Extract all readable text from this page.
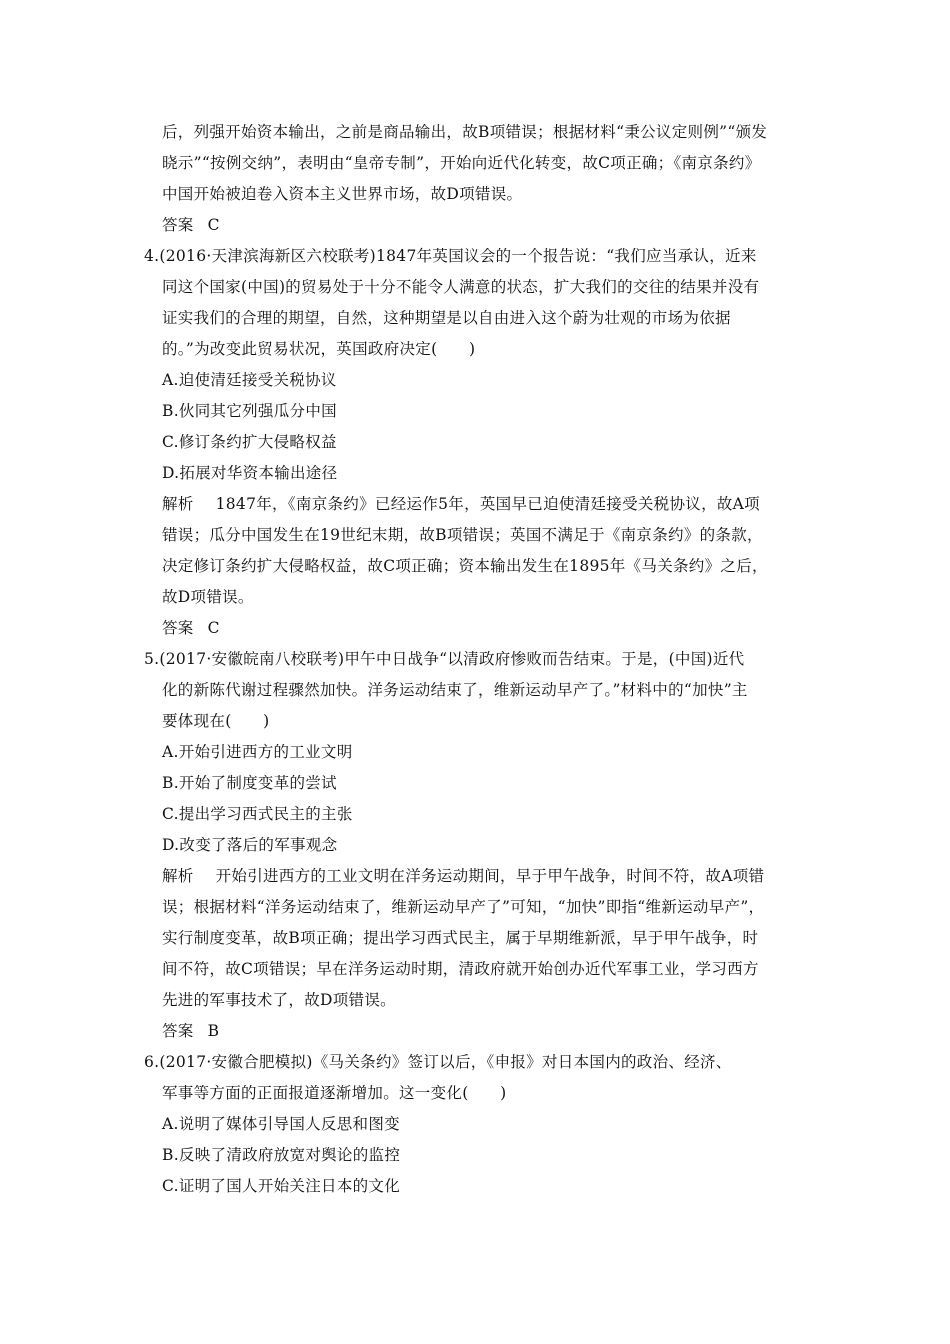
后，列强开始资本输出，之前是商品输出，故B项错误；根据材料“秉公议定则例”“颁发
晓示”“按例交纳”，表明由“皇帝专制”，开始向近代化转变，故C项正确；《南京条约》
中国开始被迫卷入资本主义世界市场，故D项错误。
答案 C
4.(2016·天津滨海新区六校联考)1847年英国议会的一个报告说：“我们应当承认，近来
同这个国家(中国)的贸易处于十分不能令人满意的状态，扩大我们的交往的结果并没有
证实我们的合理的期望，自然，这种期望是以自由进入这个蔚为壮观的市场为依据
的。”为改变此贸易状况，英国政府决定(　　)
A.迫使清廷接受关税协议
B.伙同其它列强瓜分中国
C.修订条约扩大侵略权益
D.拓展对华资本输出途径
解析 1847年，《南京条约》已经运作5年，英国早已迫使清廷接受关税协议，故A项
错误；瓜分中国发生在19世纪末期，故B项错误；英国不满足于《南京条约》的条款，
决定修订条约扩大侵略权益，故C项正确；资本输出发生在1895年《马关条约》之后，
故D项错误。
答案 C
5.(2017·安徽皖南八校联考)甲午中日战争“以清政府惨败而告结束。于是，(中国)近代
化的新陈代谢过程骤然加快。洋务运动结束了，维新运动早产了。”材料中的“加快”主
要体现在(　　)
A.开始引进西方的工业文明
B.开始了制度变革的尝试
C.提出学习西式民主的主张
D.改变了落后的军事观念
解析 开始引进西方的工业文明在洋务运动期间，早于甲午战争，时间不符，故A项错
误；根据材料“洋务运动结束了，维新运动早产了”可知，“加快”即指“维新运动早产”，
实行制度变革，故B项正确；提出学习西式民主，属于早期维新派，早于甲午战争，时
间不符，故C项错误；早在洋务运动时期，清政府就开始创办近代军事工业，学习西方
先进的军事技术了，故D项错误。
答案 B
6.(2017·安徽合肥模拟)《马关条约》签订以后，《申报》对日本国内的政治、经济、
军事等方面的正面报道逐渐增加。这一变化(　　)
A.说明了媒体引导国人反思和图变
B.反映了清政府放宽对舆论的监控
C.证明了国人开始关注日本的文化
